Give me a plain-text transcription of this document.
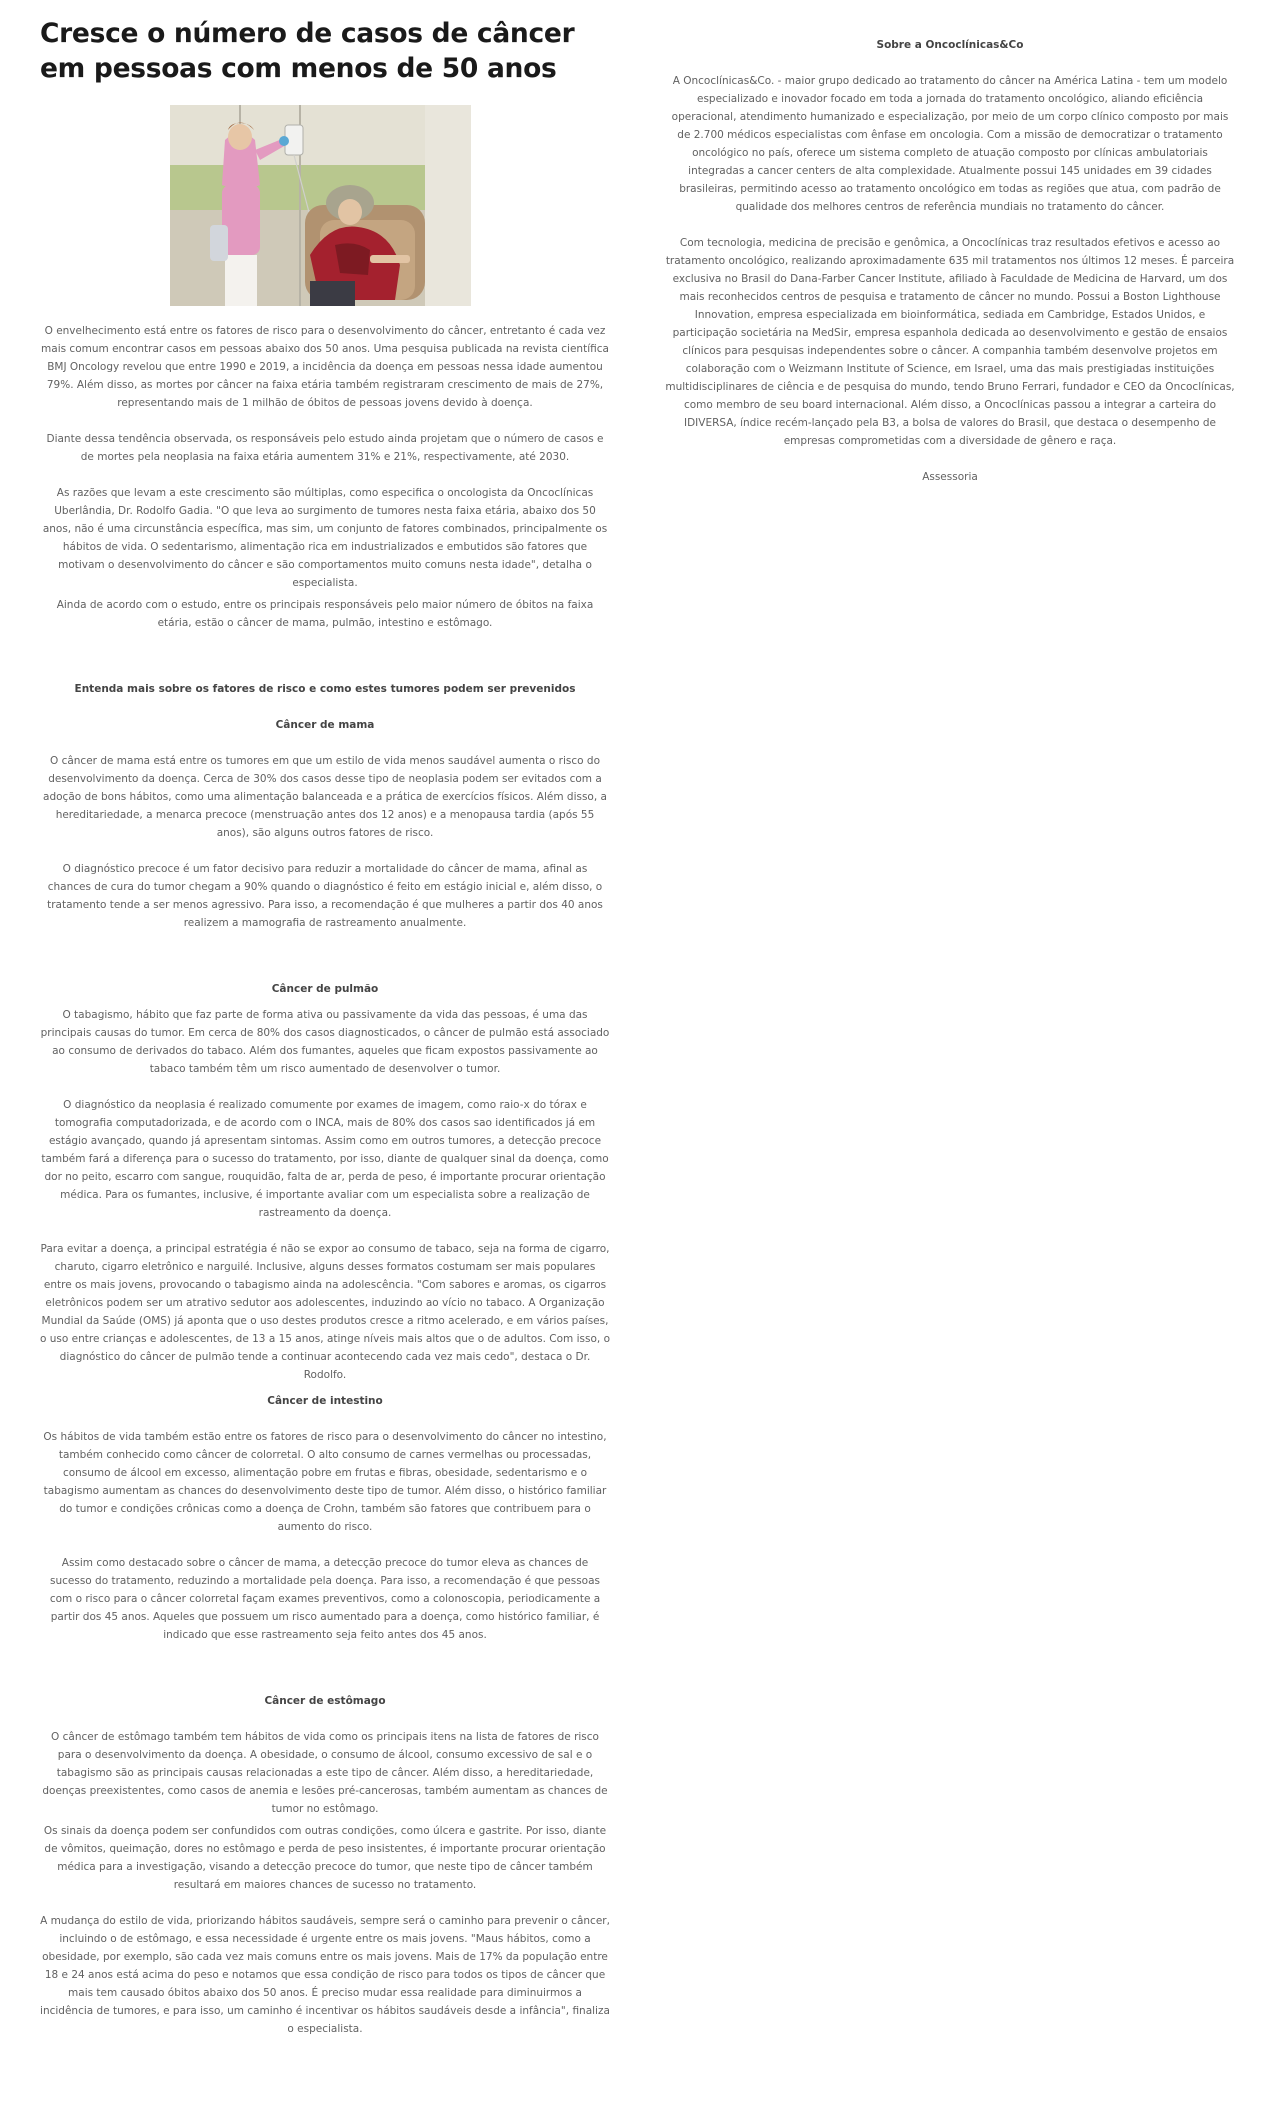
Cresce o número de casos de câncer em pessoas com menos de 50 anos

O envelhecimento está entre os fatores de risco para o desenvolvimento do câncer, entretanto é cada vez mais comum encontrar casos em pessoas abaixo dos 50 anos. Uma pesquisa publicada na revista científica BMJ Oncology revelou que entre 1990 e 2019, a incidência da doença em pessoas nessa idade aumentou 79%. Além disso, as mortes por câncer na faixa etária também registraram crescimento de mais de 27%, representando mais de 1 milhão de óbitos de pessoas jovens devido à doença.

Diante dessa tendência observada, os responsáveis pelo estudo ainda projetam que o número de casos e de mortes pela neoplasia na faixa etária aumentem 31% e 21%, respectivamente, até 2030.

As razões que levam a este crescimento são múltiplas, como especifica o oncologista da Oncoclínicas Uberlândia, Dr. Rodolfo Gadia. "O que leva ao surgimento de tumores nesta faixa etária, abaixo dos 50 anos, não é uma circunstância específica, mas sim, um conjunto de fatores combinados, principalmente os hábitos de vida. O sedentarismo, alimentação rica em industrializados e embutidos são fatores que motivam o desenvolvimento do câncer e são comportamentos muito comuns nesta idade", detalha o especialista.

Ainda de acordo com o estudo, entre os principais responsáveis pelo maior número de óbitos na faixa etária, estão o câncer de mama, pulmão, intestino e estômago.

Entenda mais sobre os fatores de risco e como estes tumores podem ser prevenidos

Câncer de mama

O câncer de mama está entre os tumores em que um estilo de vida menos saudável aumenta o risco do desenvolvimento da doença. Cerca de 30% dos casos desse tipo de neoplasia podem ser evitados com a adoção de bons hábitos, como uma alimentação balanceada e a prática de exercícios físicos. Além disso, a hereditariedade, a menarca precoce (menstruação antes dos 12 anos) e a menopausa tardia (após 55 anos), são alguns outros fatores de risco.

O diagnóstico precoce é um fator decisivo para reduzir a mortalidade do câncer de mama, afinal as chances de cura do tumor chegam a 90% quando o diagnóstico é feito em estágio inicial e, além disso, o tratamento tende a ser menos agressivo. Para isso, a recomendação é que mulheres a partir dos 40 anos realizem a mamografia de rastreamento anualmente.

Câncer de pulmão

O tabagismo, hábito que faz parte de forma ativa ou passivamente da vida das pessoas, é uma das principais causas do tumor. Em cerca de 80% dos casos diagnosticados, o câncer de pulmão está associado ao consumo de derivados do tabaco. Além dos fumantes, aqueles que ficam expostos passivamente ao tabaco também têm um risco aumentado de desenvolver o tumor.

O diagnóstico da neoplasia é realizado comumente por exames de imagem, como raio-x do tórax e tomografia computadorizada, e de acordo com o INCA, mais de 80% dos casos sao identificados já em estágio avançado, quando já apresentam sintomas. Assim como em outros tumores, a detecção precoce também fará a diferença para o sucesso do tratamento, por isso, diante de qualquer sinal da doença, como dor no peito, escarro com sangue, rouquidão, falta de ar, perda de peso, é importante procurar orientação médica. Para os fumantes, inclusive, é importante avaliar com um especialista sobre a realização de rastreamento da doença.

Para evitar a doença, a principal estratégia é não se expor ao consumo de tabaco, seja na forma de cigarro, charuto, cigarro eletrônico e narguilé. Inclusive, alguns desses formatos costumam ser mais populares entre os mais jovens, provocando o tabagismo ainda na adolescência. "Com sabores e aromas, os cigarros eletrônicos podem ser um atrativo sedutor aos adolescentes, induzindo ao vício no tabaco. A Organização Mundial da Saúde (OMS) já aponta que o uso destes produtos cresce a ritmo acelerado, e em vários países, o uso entre crianças e adolescentes, de 13 a 15 anos, atinge níveis mais altos que o de adultos. Com isso, o diagnóstico do câncer de pulmão tende a continuar acontecendo cada vez mais cedo", destaca o Dr. Rodolfo.

Câncer de intestino

Os hábitos de vida também estão entre os fatores de risco para o desenvolvimento do câncer no intestino, também conhecido como câncer de colorretal. O alto consumo de carnes vermelhas ou processadas, consumo de álcool em excesso, alimentação pobre em frutas e fibras, obesidade, sedentarismo e o tabagismo aumentam as chances do desenvolvimento deste tipo de tumor. Além disso, o histórico familiar do tumor e condições crônicas como a doença de Crohn, também são fatores que contribuem para o aumento do risco.

Assim como destacado sobre o câncer de mama, a detecção precoce do tumor eleva as chances de sucesso do tratamento, reduzindo a mortalidade pela doença. Para isso, a recomendação é que pessoas com o risco para o câncer colorretal façam exames preventivos, como a colonoscopia, periodicamente a partir dos 45 anos. Aqueles que possuem um risco aumentado para a doença, como histórico familiar, é indicado que esse rastreamento seja feito antes dos 45 anos.

Câncer de estômago

O câncer de estômago também tem hábitos de vida como os principais itens na lista de fatores de risco para o desenvolvimento da doença. A obesidade, o consumo de álcool, consumo excessivo de sal e o tabagismo são as principais causas relacionadas a este tipo de câncer. Além disso, a hereditariedade, doenças preexistentes, como casos de anemia e lesões pré-cancerosas, também aumentam as chances de tumor no estômago.

Os sinais da doença podem ser confundidos com outras condições, como úlcera e gastrite. Por isso, diante de vômitos, queimação, dores no estômago e perda de peso insistentes, é importante procurar orientação médica para a investigação, visando a detecção precoce do tumor, que neste tipo de câncer também resultará em maiores chances de sucesso no tratamento.

A mudança do estilo de vida, priorizando hábitos saudáveis, sempre será o caminho para prevenir o câncer, incluindo o de estômago, e essa necessidade é urgente entre os mais jovens. "Maus hábitos, como a obesidade, por exemplo, são cada vez mais comuns entre os mais jovens. Mais de 17% da população entre 18 e 24 anos está acima do peso e notamos que essa condição de risco para todos os tipos de câncer que mais tem causado óbitos abaixo dos 50 anos. É preciso mudar essa realidade para diminuirmos a incidência de tumores, e para isso, um caminho é incentivar os hábitos saudáveis desde a infância", finaliza o especialista.

Sobre a Oncoclínicas&Co

A Oncoclínicas&Co. - maior grupo dedicado ao tratamento do câncer na América Latina - tem um modelo especializado e inovador focado em toda a jornada do tratamento oncológico, aliando eficiência operacional, atendimento humanizado e especialização, por meio de um corpo clínico composto por mais de 2.700 médicos especialistas com ênfase em oncologia. Com a missão de democratizar o tratamento oncológico no país, oferece um sistema completo de atuação composto por clínicas ambulatoriais integradas a cancer centers de alta complexidade. Atualmente possui 145 unidades em 39 cidades brasileiras, permitindo acesso ao tratamento oncológico em todas as regiões que atua, com padrão de qualidade dos melhores centros de referência mundiais no tratamento do câncer.

Com tecnologia, medicina de precisão e genômica, a Oncoclínicas traz resultados efetivos e acesso ao tratamento oncológico, realizando aproximadamente 635 mil tratamentos nos últimos 12 meses. É parceira exclusiva no Brasil do Dana-Farber Cancer Institute, afiliado à Faculdade de Medicina de Harvard, um dos mais reconhecidos centros de pesquisa e tratamento de câncer no mundo. Possui a Boston Lighthouse Innovation, empresa especializada em bioinformática, sediada em Cambridge, Estados Unidos, e participação societária na MedSir, empresa espanhola dedicada ao desenvolvimento e gestão de ensaios clínicos para pesquisas independentes sobre o câncer. A companhia também desenvolve projetos em colaboração com o Weizmann Institute of Science, em Israel, uma das mais prestigiadas instituições multidisciplinares de ciência e de pesquisa do mundo, tendo Bruno Ferrari, fundador e CEO da Oncoclínicas, como membro de seu board internacional. Além disso, a Oncoclínicas passou a integrar a carteira do IDIVERSA, índice recém-lançado pela B3, a bolsa de valores do Brasil, que destaca o desempenho de empresas comprometidas com a diversidade de gênero e raça.

Assessoria
